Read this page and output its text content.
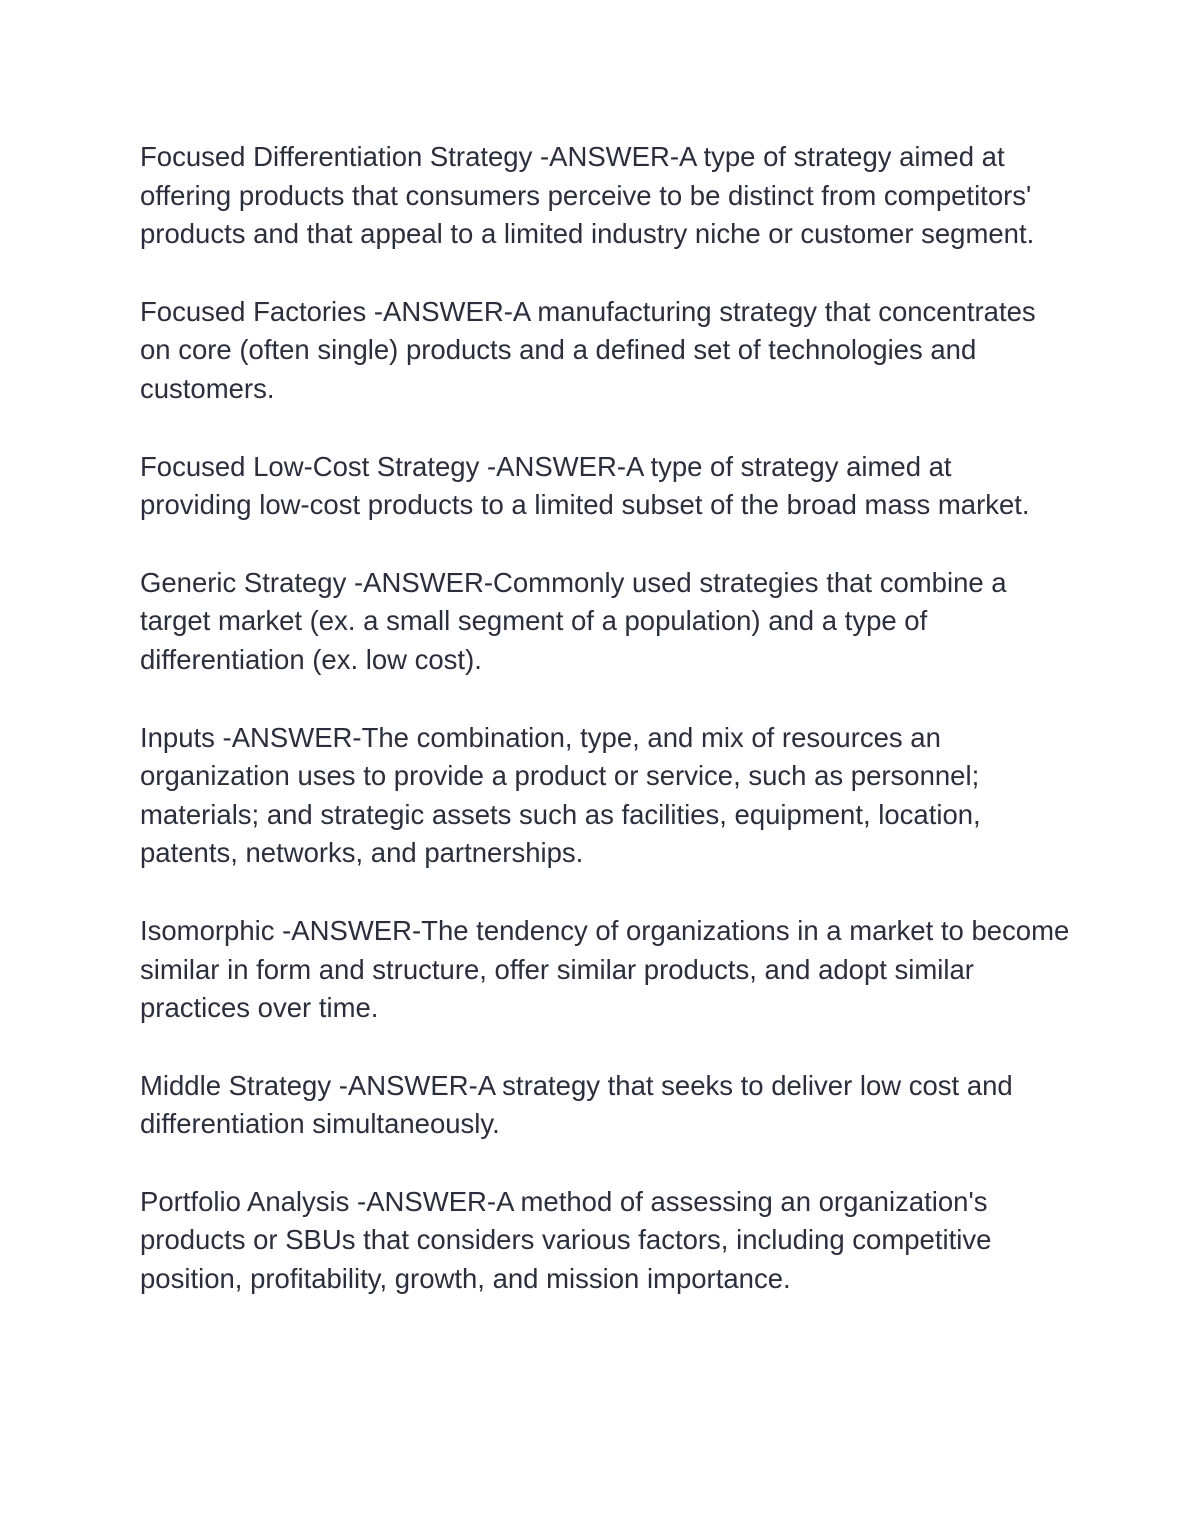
Focused Differentiation Strategy -ANSWER-A type of strategy aimed at offering products that consumers perceive to be distinct from competitors' products and that appeal to a limited industry niche or customer segment.

Focused Factories -ANSWER-A manufacturing strategy that concentrates on core (often single) products and a defined set of technologies and customers.

Focused Low-Cost Strategy -ANSWER-A type of strategy aimed at providing low-cost products to a limited subset of the broad mass market.

Generic Strategy -ANSWER-Commonly used strategies that combine a target market (ex. a small segment of a population) and a type of differentiation (ex. low cost).

Inputs -ANSWER-The combination, type, and mix of resources an organization uses to provide a product or service, such as personnel; materials; and strategic assets such as facilities, equipment, location, patents, networks, and partnerships.

Isomorphic -ANSWER-The tendency of organizations in a market to become similar in form and structure, offer similar products, and adopt similar practices over time.

Middle Strategy -ANSWER-A strategy that seeks to deliver low cost and differentiation simultaneously.

Portfolio Analysis -ANSWER-A method of assessing an organization's products or SBUs that considers various factors, including competitive position, profitability, growth, and mission importance.
